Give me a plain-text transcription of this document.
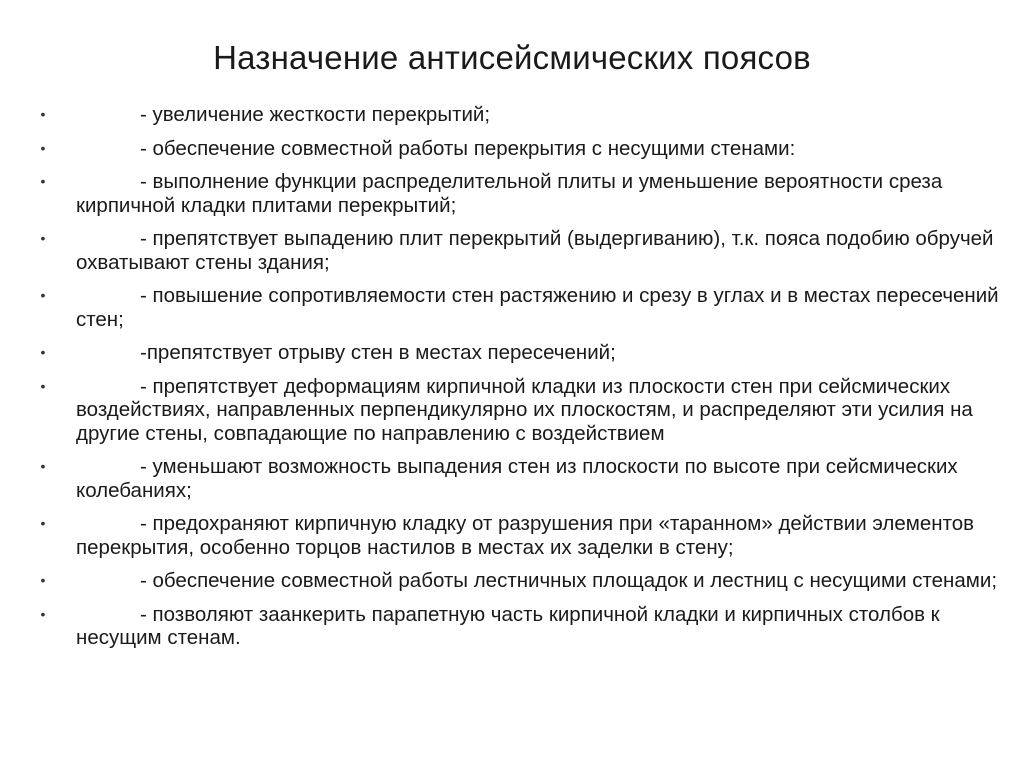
Назначение антисейсмических поясов
•	- увеличение жесткости перекрытий;
•	- обеспечение совместной работы перекрытия с несущими стенами:
•	- выполнение функции распределительной плиты и уменьшение вероятности среза кирпичной кладки плитами перекрытий;
•	- препятствует выпадению плит перекрытий (выдергиванию), т.к. пояса подобию обручей охватывают стены здания;
•	- повышение сопротивляемости стен растяжению и срезу в углах и в местах пересечений стен;
•	-препятствует отрыву стен в местах пересечений;
•	- препятствует деформациям кирпичной кладки из плоскости стен при сейсмических воздействиях, направленных перпендикулярно их плоскостям, и распределяют эти усилия на другие стены, совпадающие по направлению с воздействием
•	- уменьшают возможность выпадения стен из плоскости по высоте при сейсмических колебаниях;
•	- предохраняют кирпичную кладку от разрушения при «таранном» действии элементов перекрытия, особенно торцов настилов в местах их заделки в стену;
•	- обеспечение совместной работы лестничных площадок и лестниц с несущими стенами;
•	- позволяют заанкерить парапетную часть кирпичной кладки и кирпичных столбов к несущим стенам.
